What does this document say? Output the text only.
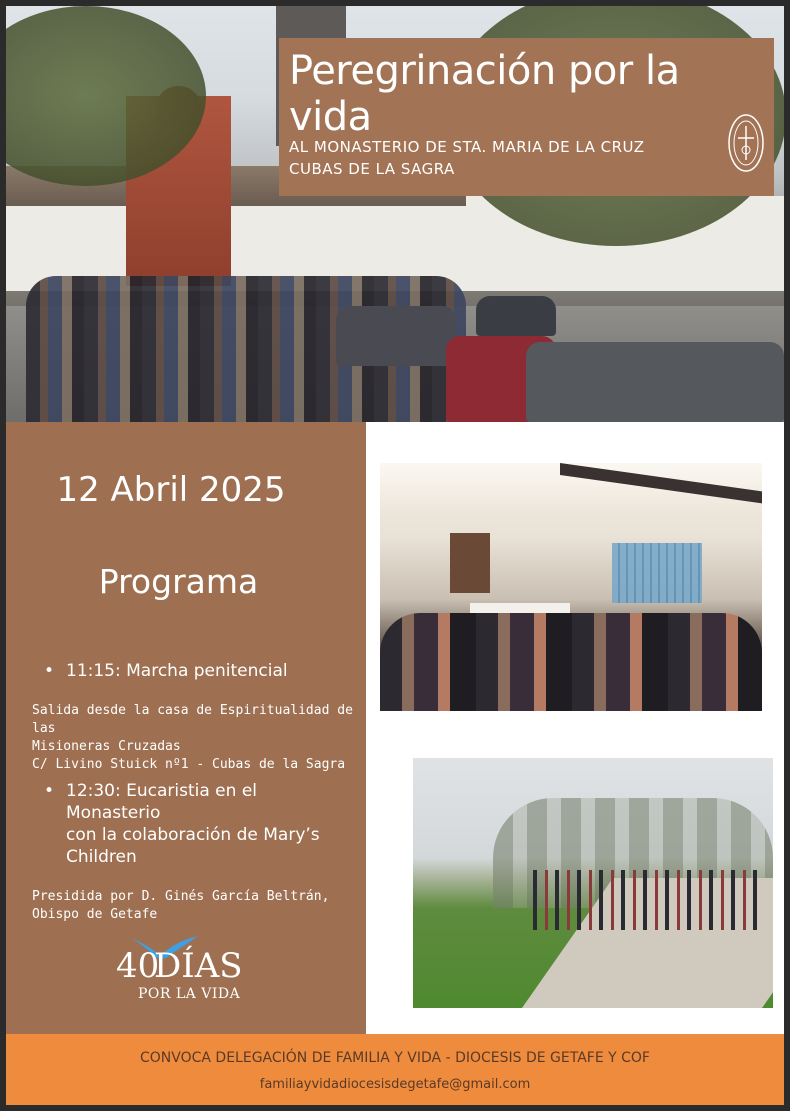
Peregrinación por la vida
AL MONASTERIO DE STA. MARIA DE LA CRUZ
CUBAS DE LA SAGRA
12 Abril 2025
Programa
• 11:15: Marcha penitencial
Salida desde la casa de Espiritualidad de las
Misioneras Cruzadas
C/ Livino Stuick nº1 - Cubas de la Sagra
• 12:30: Eucaristia en el
Monasterio
con la colaboración de Mary’s
Children
Presidida por D. Ginés García Beltrán,
Obispo de Getafe
40
DÍAS
POR LA VIDA
CONVOCA DELEGACIÓN DE FAMILIA Y VIDA - DIOCESIS DE GETAFE Y COF
familiayvidadiocesisdegetafe@gmail.com
